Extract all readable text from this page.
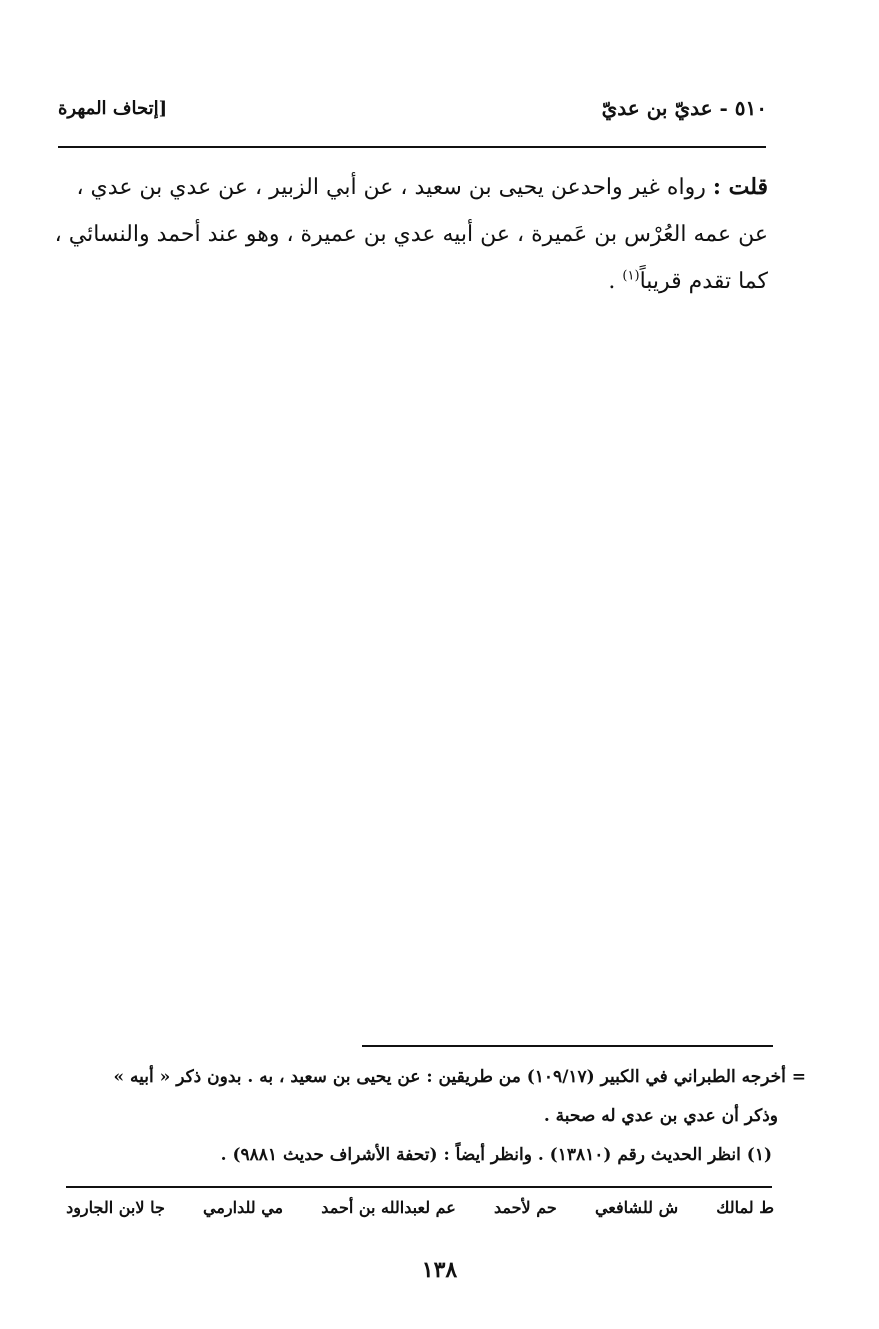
٥١٠ - عديّ بن عديّ
[إتحاف المهرة
قلت : رواه غير واحدعن يحيى بن سعيد ، عن أبي الزبير ، عن عدي بن عدي ،
عن عمه العُرْس بن عَميرة ، عن أبيه عدي بن عميرة ، وهو عند أحمد والنسائي ،
كما تقدم قريباً$^{(١)}$ .
= أخرجه الطبراني في الكبير (١٠٩/١٧) من طريقين : عن يحيى بن سعيد ، به . بدون ذكر « أبيه »
وذكر أن عدي بن عدي له صحبة .
(١) انظر الحديث رقم (١٣٨١٠) . وانظر أيضاً : (تحفة الأشراف حديث ٩٨٨١) .
ط لمالك
ش للشافعي
حم لأحمد
عم لعبدالله بن أحمد
مي للدارمي
جا لابن الجارود
١٣٨
